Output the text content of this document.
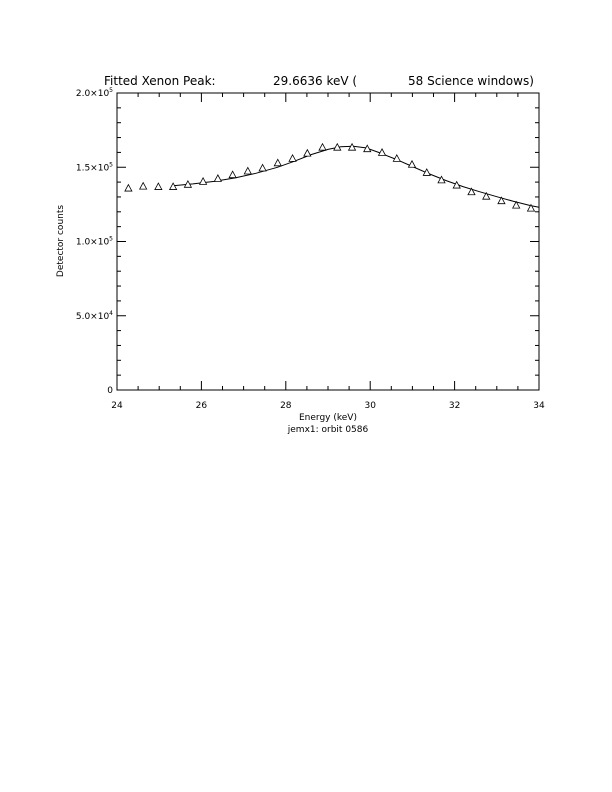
Fitted Xenon Peak:	29.6636 keV (	58 Science windows)
24	26	28	30	32	34
0
$5.0\times 10^4$
$1.0\times 10^5$
$1.5\times 10^5$
$2.0\times 10^5$
Detector counts
Energy (keV)
jemx1: orbit 0586
